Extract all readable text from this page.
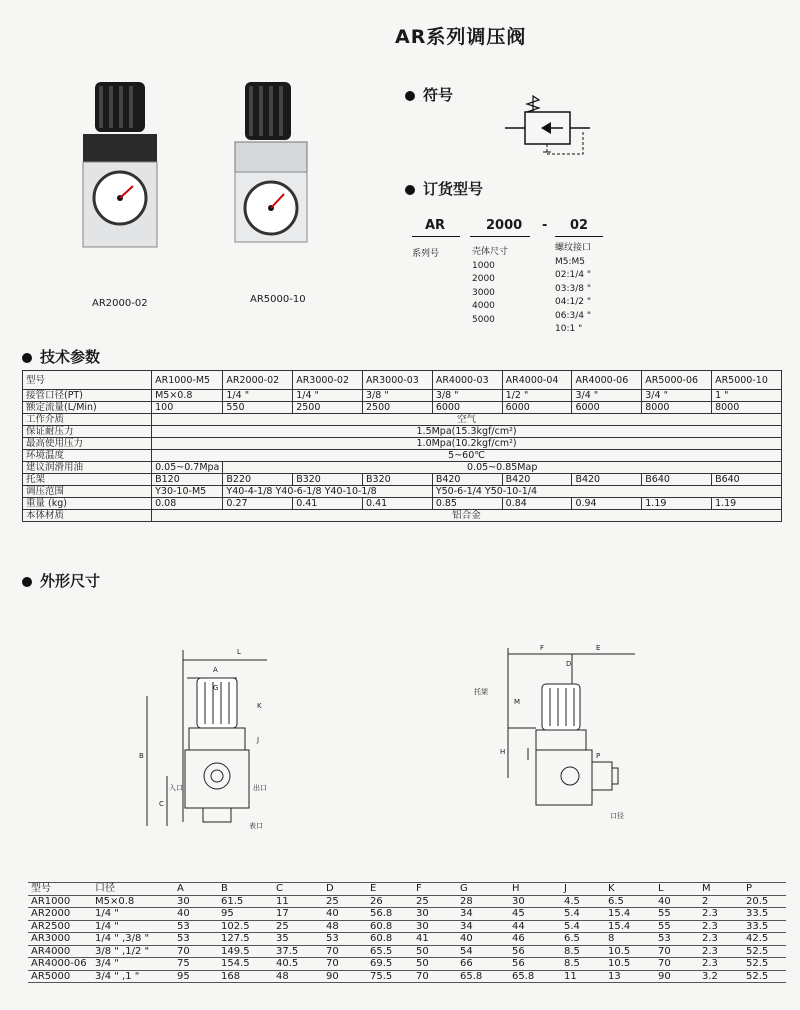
AR系列调压阀
AR2000-02	AR5000-10
符号
订货型号
AR	2000 - 02
系列号	壳体尺寸
1000
2000
3000
4000
5000
螺纹接口
M5:M5
02:1/4 "
03:3/8 "
04:1/2 "
06:3/4 "
10:1 "
技术参数
型号	AR1000-M5	AR2000-02	AR3000-02	AR3000-03	AR4000-03	AR4000-04	AR4000-06	AR5000-06	AR5000-10
接管口径(PT)	M5×0.8	1/4 "	1/4 "	3/8 "	3/8 "	1/2 "	3/4 "	3/4 "	1 "
额定流量(L/Min)	100	550	2500	2500	6000	6000	6000	8000	8000
工作介质	空气								
保证耐压力	1.5Mpa(15.3kgf/cm²)								
最高使用压力	1.0Mpa(10.2kgf/cm²)								
环境温度	5~60℃								
建议润滑用油	0.05~0.7Mpa	0.05~0.85Map							
托架	B120	B220	B320	B320	B420	B420	B420	B640	B640
调压范围	Y30-10-M5	Y40-4-1/8 Y40-6-1/8 Y40-10-1/8			Y50-6-1/4 Y50-10-1/4				
重量 (kg)	0.08	0.27	0.41	0.41	0.85	0.84	0.94	1.19	1.19
本体材质	铝合金								
外形尺寸
L
A
G
K
J
B
C
入口	出口
表口
F	E
D
托架
M
H	P
口径
型号	口径	A	B	C	D	E	F	G	H	J	K	L	M	P
AR1000	M5×0.8	30	61.5	11	25	26	25	28	30	4.5	6.5	40	2	20.5
AR2000	1/4 "	40	95	17	40	56.8	30	34	45	5.4	15.4	55	2.3	33.5
AR2500	1/4 "	53	102.5	25	48	60.8	30	34	44	5.4	15.4	55	2.3	33.5
AR3000	1/4 " ,3/8 "	53	127.5	35	53	60.8	41	40	46	6.5	8	53	2.3	42.5
AR4000	3/8 " ,1/2 "	70	149.5	37.5	70	65.5	50	54	56	8.5	10.5	70	2.3	52.5
AR4000-06	3/4 "	75	154.5	40.5	70	69.5	50	66	56	8.5	10.5	70	2.3	52.5
AR5000	3/4 " ,1 "	95	168	48	90	75.5	70	65.8	65.8	11	13	90	3.2	52.5
